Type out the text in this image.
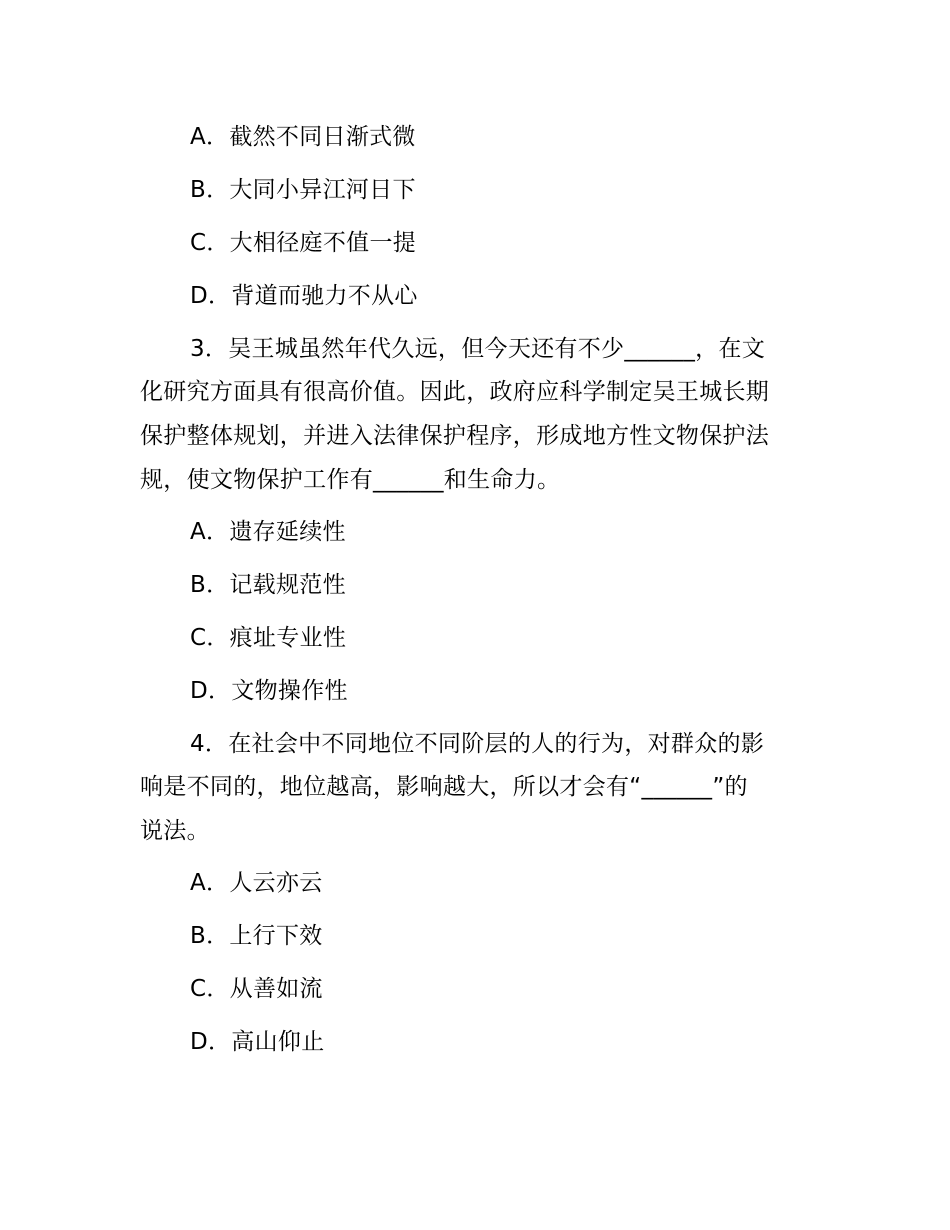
A．截然不同日渐式微
B．大同小异江河日下
C．大相径庭不值一提
D．背道而驰力不从心
3．吴王城虽然年代久远，但今天还有不少______，在文
化研究方面具有很高价值。因此，政府应科学制定吴王城长期
保护整体规划，并进入法律保护程序，形成地方性文物保护法
规，使文物保护工作有______和生命力。
A．遗存延续性
B．记载规范性
C．痕址专业性
D．文物操作性
4．在社会中不同地位不同阶层的人的行为，对群众的影
响是不同的，地位越高，影响越大，所以才会有“______”的
说法。
A．人云亦云
B．上行下效
C．从善如流
D．高山仰止
